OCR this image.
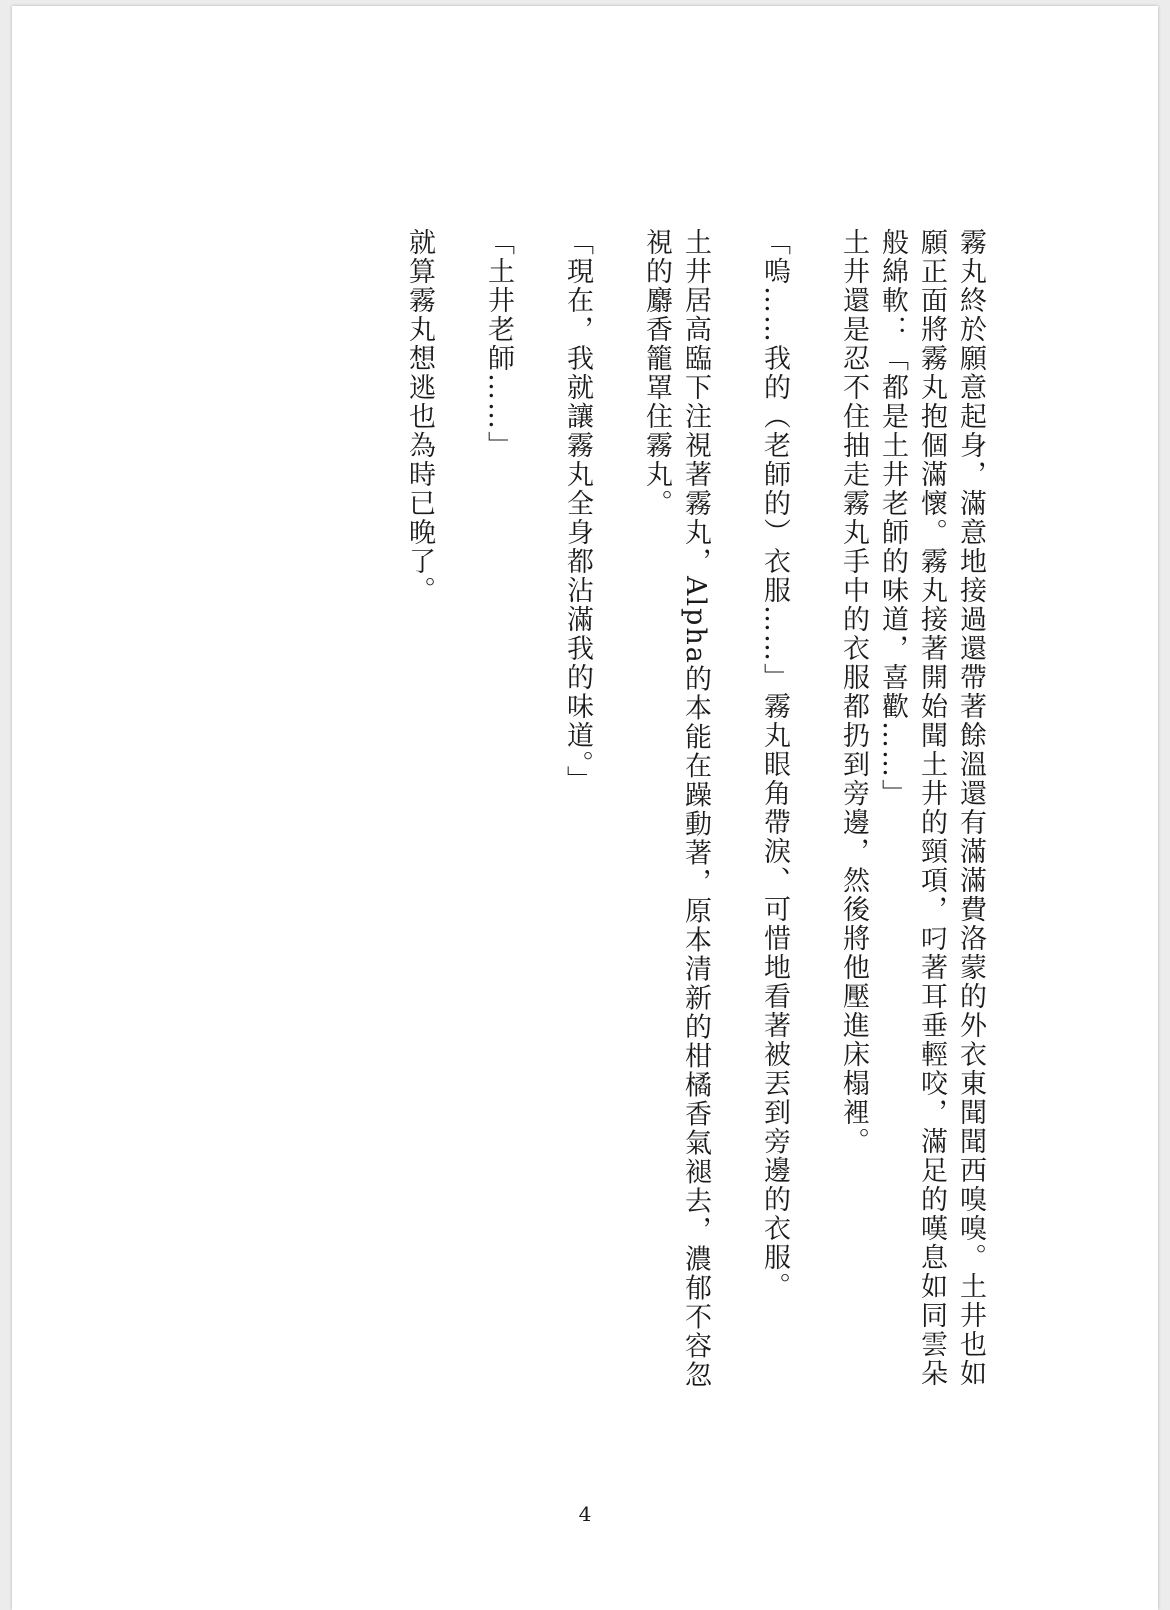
霧丸終於願意起身，滿意地接過還帶著餘溫還有滿滿費洛蒙的外衣東聞聞西嗅嗅。土井也如願正面將霧丸抱個滿懷。霧丸接著開始聞土井的頸項，叼著耳垂輕咬，滿足的嘆息如同雲朵般綿軟：「都是土井老師的味道，喜歡……」

土井還是忍不住抽走霧丸手中的衣服都扔到旁邊，然後將他壓進床榻裡。

「嗚……我的（老師的）衣服……」霧丸眼角帶淚、可惜地看著被丟到旁邊的衣服。

土井居高臨下注視著霧丸，Alpha的本能在躁動著，原本清新的柑橘香氣褪去，濃郁不容忽視的麝香籠罩住霧丸。

「現在，我就讓霧丸全身都沾滿我的味道。」

「土井老師……」

就算霧丸想逃也為時已晚了。

4
